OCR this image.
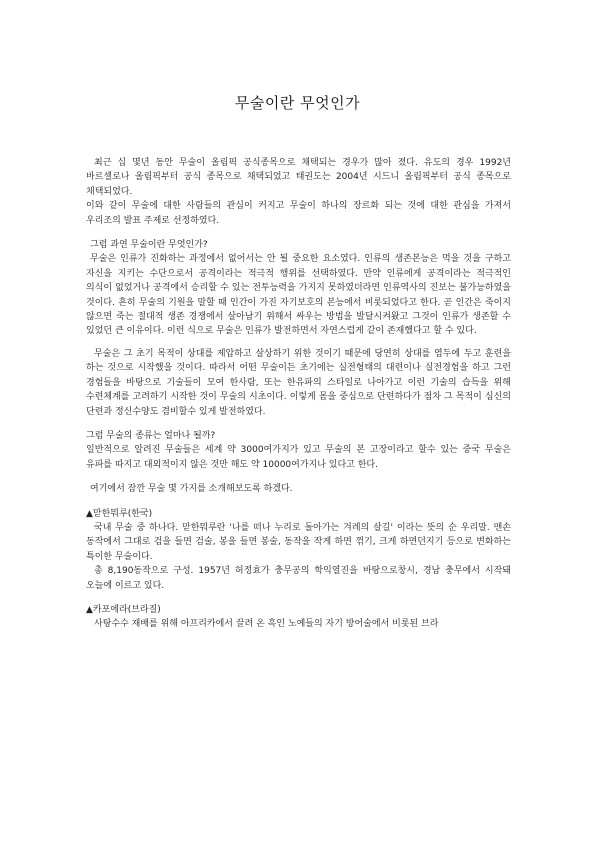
무술이란 무엇인가

최근 십 몇년 동안 무술이 올림픽 공식종목으로 채택되는 경우가 많아 졌다. 유도의 경우 1992년 바르셀로나 올림픽부터 공식 종목으로 채택되었고 태권도는 2004년 시드니 올림픽부터 공식 종목으로 채택되었다.

이와 같이 무술에 대한 사람들의 관심이 커지고 무술이 하나의 장르화 되는 것에 대한 관심을 가져서 우리조의 발표 주제로 선정하였다.

그럼 과연 무술이란 무엇인가?

무술은 인류가 진화하는 과정에서 없어서는 안 될 중요한 요소였다. 인류의 생존본능은 먹을 것을 구하고 자신을 지키는 수단으로서 공격이라는 적극적 행위를 선택하였다. 만약 인류에게 공격이라는 적극적인 의식이 없었거나 공격에서 승리할 수 있는 전투능력을 가지지 못하였더라면 인류역사의 진보는 불가능하였을 것이다. 흔히 무술의 기원을 말할 때 인간이 가진 자기보호의 본능에서 비롯되었다고 한다. 곧 인간은 죽이지 않으면 죽는 절대적 생존 경쟁에서 살아남기 위해서 싸우는 방법을 발달시켜왔고 그것이 인류가 생존할 수 있었던 큰 이유이다. 이런 식으로 무술은 인류가 발전하면서 자연스럽게 같이 존재했다고 할 수 있다.

무술은 그 초기 목적이 상대를 제압하고 살상하기 위한 것이기 때문에 당연히 상대를 염두에 두고 훈련을 하는 것으로 시작했을 것이다. 따라서 어떤 무술이든 초기에는 실전형태의 대련이나 실전경험을 하고 그런 경험들을 바탕으로 기술들이 모여 한사람, 또는 한유파의 스타일로 나아가고 이런 기술의 습득을 위해 수련체계를 고려하기 시작한 것이 무술의 시초이다. 이렇게 몸을 중심으로 단련하다가 점차 그 목적이 심신의 단련과 정신수양도 겸비할수 있게 발전하였다.

그럼 무술의 종류는 얼마나 될까?

일반적으로 알려진 무술들은 세계 약 3000여가지가 있고 무술의 본 고장이라고 할수 있는 중국 무술은 유파를 따지고 대외적이지 않은 것만 해도 약 10000여가지나 있다고 한다.

여기에서 잠깐 무술 몇 가지를 소개해보도록 하겠다.

▲맏한뭐루(한국)

국내 무술 중 하나다. 맏한뭐루란 '나를 떠나 누리로 돌아가는 겨레의 살길' 이라는 뜻의 순 우리말. 맨손 동작에서 그대로 검을 들면 검술, 봉을 들면 봉술, 동작을 작게 하면 꺾기, 크게 하면던지기 등으로 변화하는 특이한 무술이다.

총 8,190동작으로 구성. 1957년 허정효가 충무공의 학익열진을 바탕으로창시, 경남 충무에서 시작돼 오늘에 이르고 있다.

▲카포에라(브라질)

사탕수수 재배를 위해 아프리카에서 끌려 온 흑인 노예들의 자기 방어술에서 비롯된 브라
